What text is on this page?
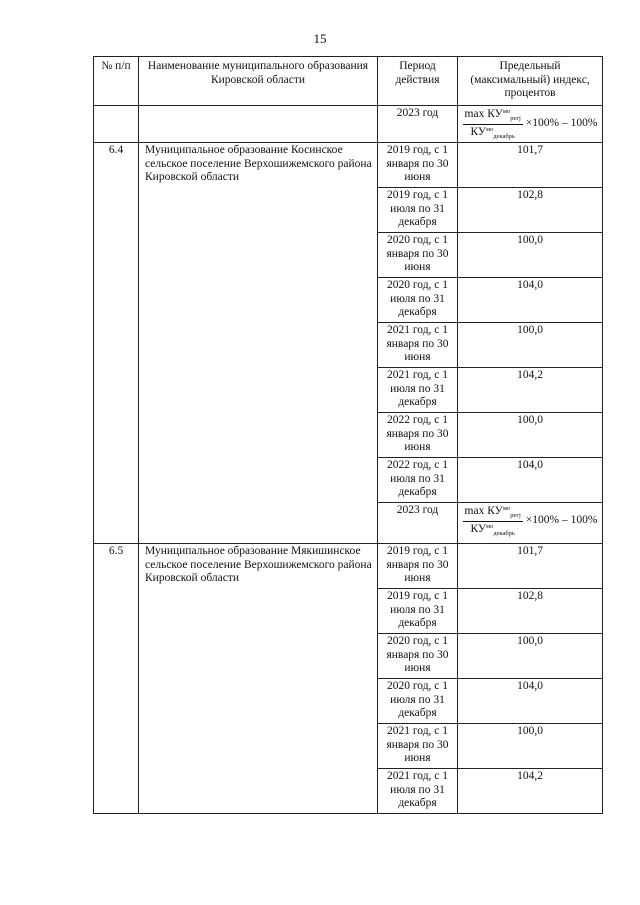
15
№ п/п	Наименование муниципального образования Кировской области	Период действия	Предельный (максимальный) индекс, процентов
		2023 год	$\frac{\max КУ^{мо}_{регj}}{КУ^{мо}_{декабрь}} \times 100\% - 100\%$

6.4	Муниципальное образование Косинское сельское поселение Верхошижемского района Кировской области	2019 год, с 1 января по 30 июня	101,7
		2019 год, с 1 июля по 31 декабря	102,8
		2020 год, с 1 января по 30 июня	100,0
		2020 год, с 1 июля по 31 декабря	104,0
		2021 год, с 1 января по 30 июня	100,0
		2021 год, с 1 июля по 31 декабря	104,2
		2022 год, с 1 января по 30 июня	100,0
		2022 год, с 1 июля по 31 декабря	104,0
		2023 год	$\frac{\max КУ^{мо}_{регj}}{КУ^{мо}_{декабрь}} \times 100\% - 100\%$

6.5	Муниципальное образование Мякишинское сельское поселение Верхошижемского района Кировской области	2019 год, с 1 января по 30 июня	101,7
		2019 год, с 1 июля по 31 декабря	102,8
		2020 год, с 1 января по 30 июня	100,0
		2020 год, с 1 июля по 31 декабря	104,0
		2021 год, с 1 января по 30 июня	100,0
		2021 год, с 1 июля по 31 декабря	104,2
